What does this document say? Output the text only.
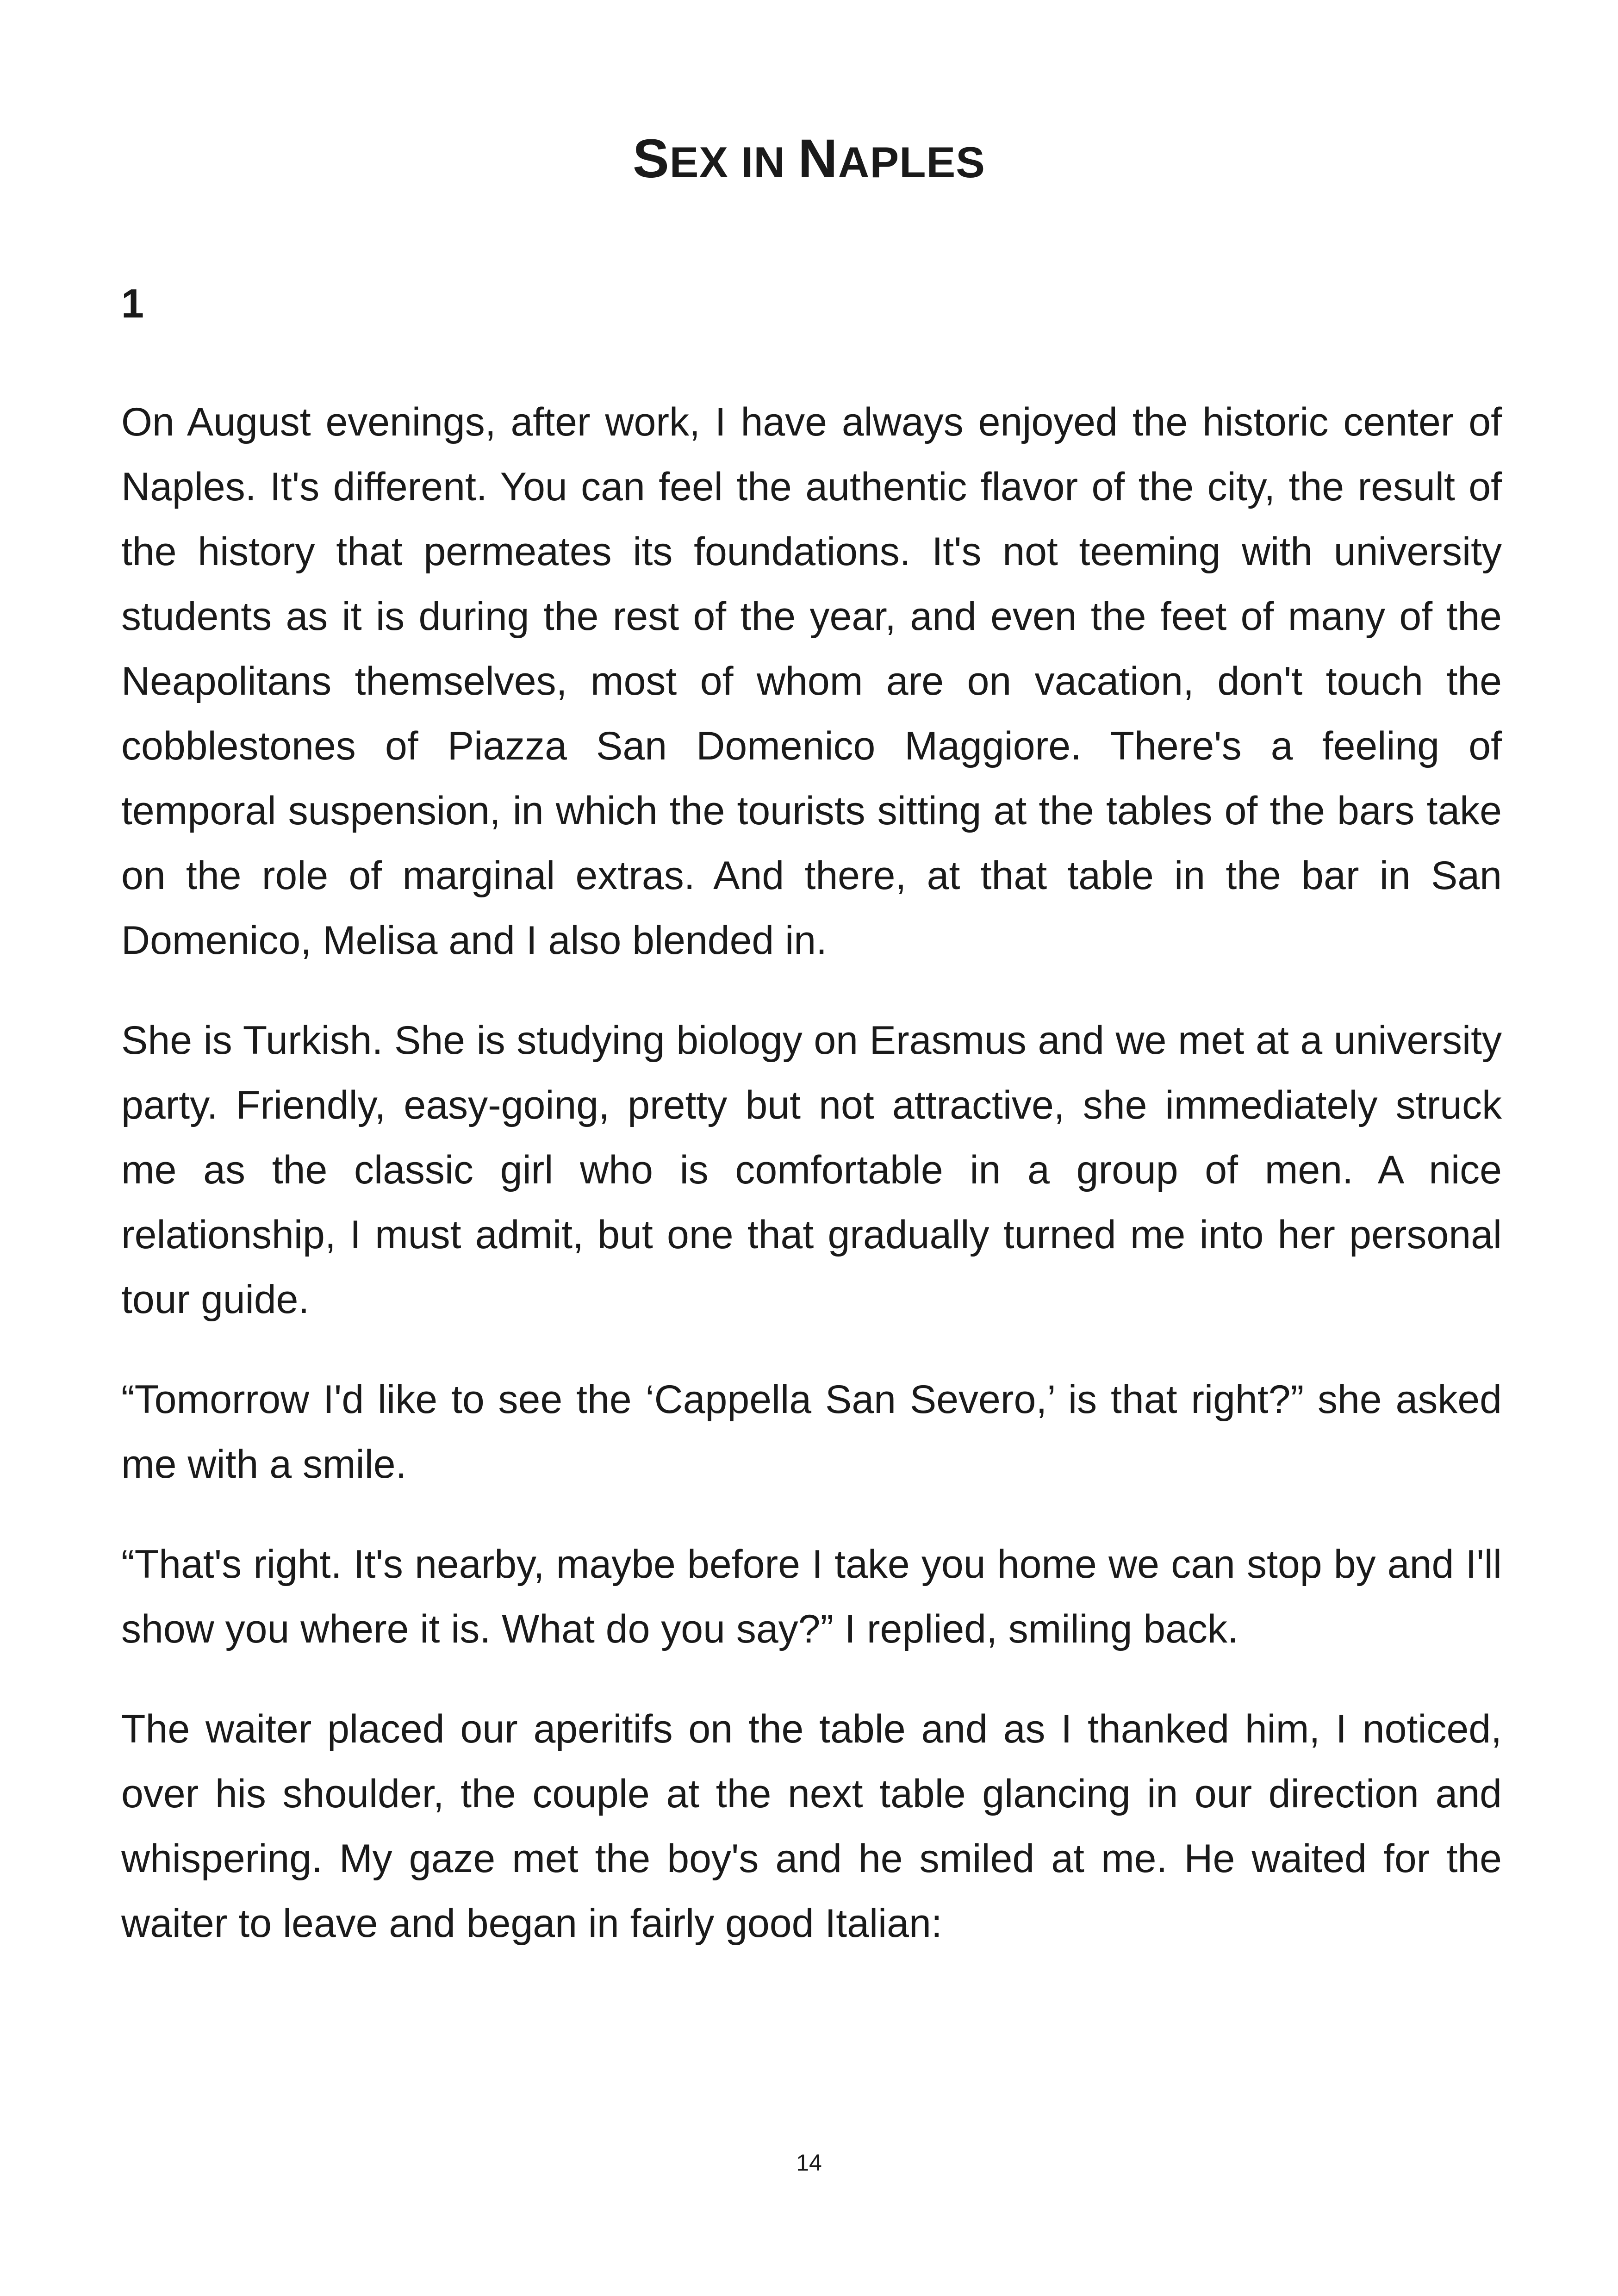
SEX IN NAPLES
1

On August evenings, after work, I have always enjoyed the historic center of Naples. It's different. You can feel the authentic flavor of the city, the result of the history that permeates its foundations. It's not teeming with university students as it is during the rest of the year, and even the feet of many of the Neapolitans themselves, most of whom are on vacation, don't touch the cobblestones of Piazza San Domenico Maggiore. There's a feeling of temporal suspension, in which the tourists sitting at the tables of the bars take on the role of marginal extras. And there, at that table in the bar in San Domenico, Melisa and I also blended in.

She is Turkish. She is studying biology on Erasmus and we met at a university party. Friendly, easy-going, pretty but not attractive, she immediately struck me as the classic girl who is comfortable in a group of men. A nice relationship, I must admit, but one that gradually turned me into her personal tour guide.

“Tomorrow I'd like to see the ‘Cappella San Severo,’ is that right?” she asked me with a smile.

“That's right. It's nearby, maybe before I take you home we can stop by and I'll show you where it is. What do you say?” I replied, smiling back.

The waiter placed our aperitifs on the table and as I thanked him, I noticed, over his shoulder, the couple at the next table glancing in our direction and whispering. My gaze met the boy's and he smiled at me. He waited for the waiter to leave and began in fairly good Italian:

14
